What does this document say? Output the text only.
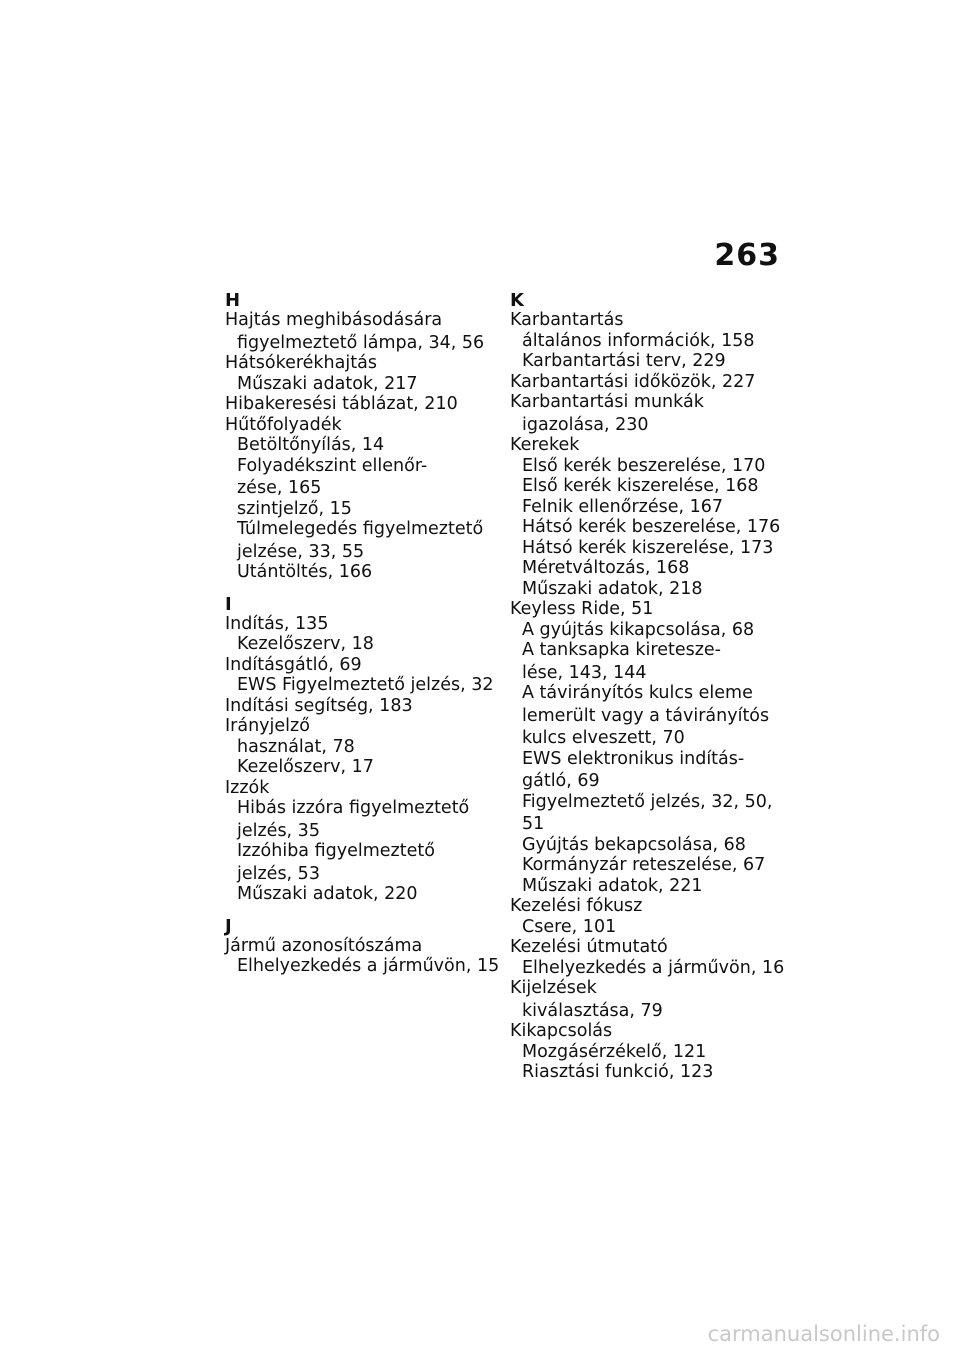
263
H
Hajtás meghibásodására
figyelmeztető lámpa, 34, 56
Hátsókerékhajtás
Műszaki adatok, 217
Hibakeresési táblázat, 210
Hűtőfolyadék
Betöltőnyílás, 14
Folyadékszint ellenőr-
zése, 165
szintjelző, 15
Túlmelegedés figyelmeztető
jelzése, 33, 55
Utántöltés, 166
I
Indítás, 135
Kezelőszerv, 18
Indításgátló, 69
EWS Figyelmeztető jelzés, 32
Indítási segítség, 183
Irányjelző
használat, 78
Kezelőszerv, 17
Izzók
Hibás izzóra figyelmeztető
jelzés, 35
Izzóhiba figyelmeztető
jelzés, 53
Műszaki adatok, 220
J
Jármű azonosítószáma
Elhelyezkedés a járművön, 15
K
Karbantartás
általános információk, 158
Karbantartási terv, 229
Karbantartási időközök, 227
Karbantartási munkák
igazolása, 230
Kerekek
Első kerék beszerelése, 170
Első kerék kiszerelése, 168
Felnik ellenőrzése, 167
Hátsó kerék beszerelése, 176
Hátsó kerék kiszerelése, 173
Méretváltozás, 168
Műszaki adatok, 218
Keyless Ride, 51
A gyújtás kikapcsolása, 68
A tanksapka kiretesze-
lése, 143, 144
A távirányítós kulcs eleme
lemerült vagy a távirányítós
kulcs elveszett, 70
EWS elektronikus indítás-
gátló, 69
Figyelmeztető jelzés, 32, 50,
51
Gyújtás bekapcsolása, 68
Kormányzár reteszelése, 67
Műszaki adatok, 221
Kezelési fókusz
Csere, 101
Kezelési útmutató
Elhelyezkedés a járművön, 16
Kijelzések
kiválasztása, 79
Kikapcsolás
Mozgásérzékelő, 121
Riasztási funkció, 123
carmanualsonline.info
